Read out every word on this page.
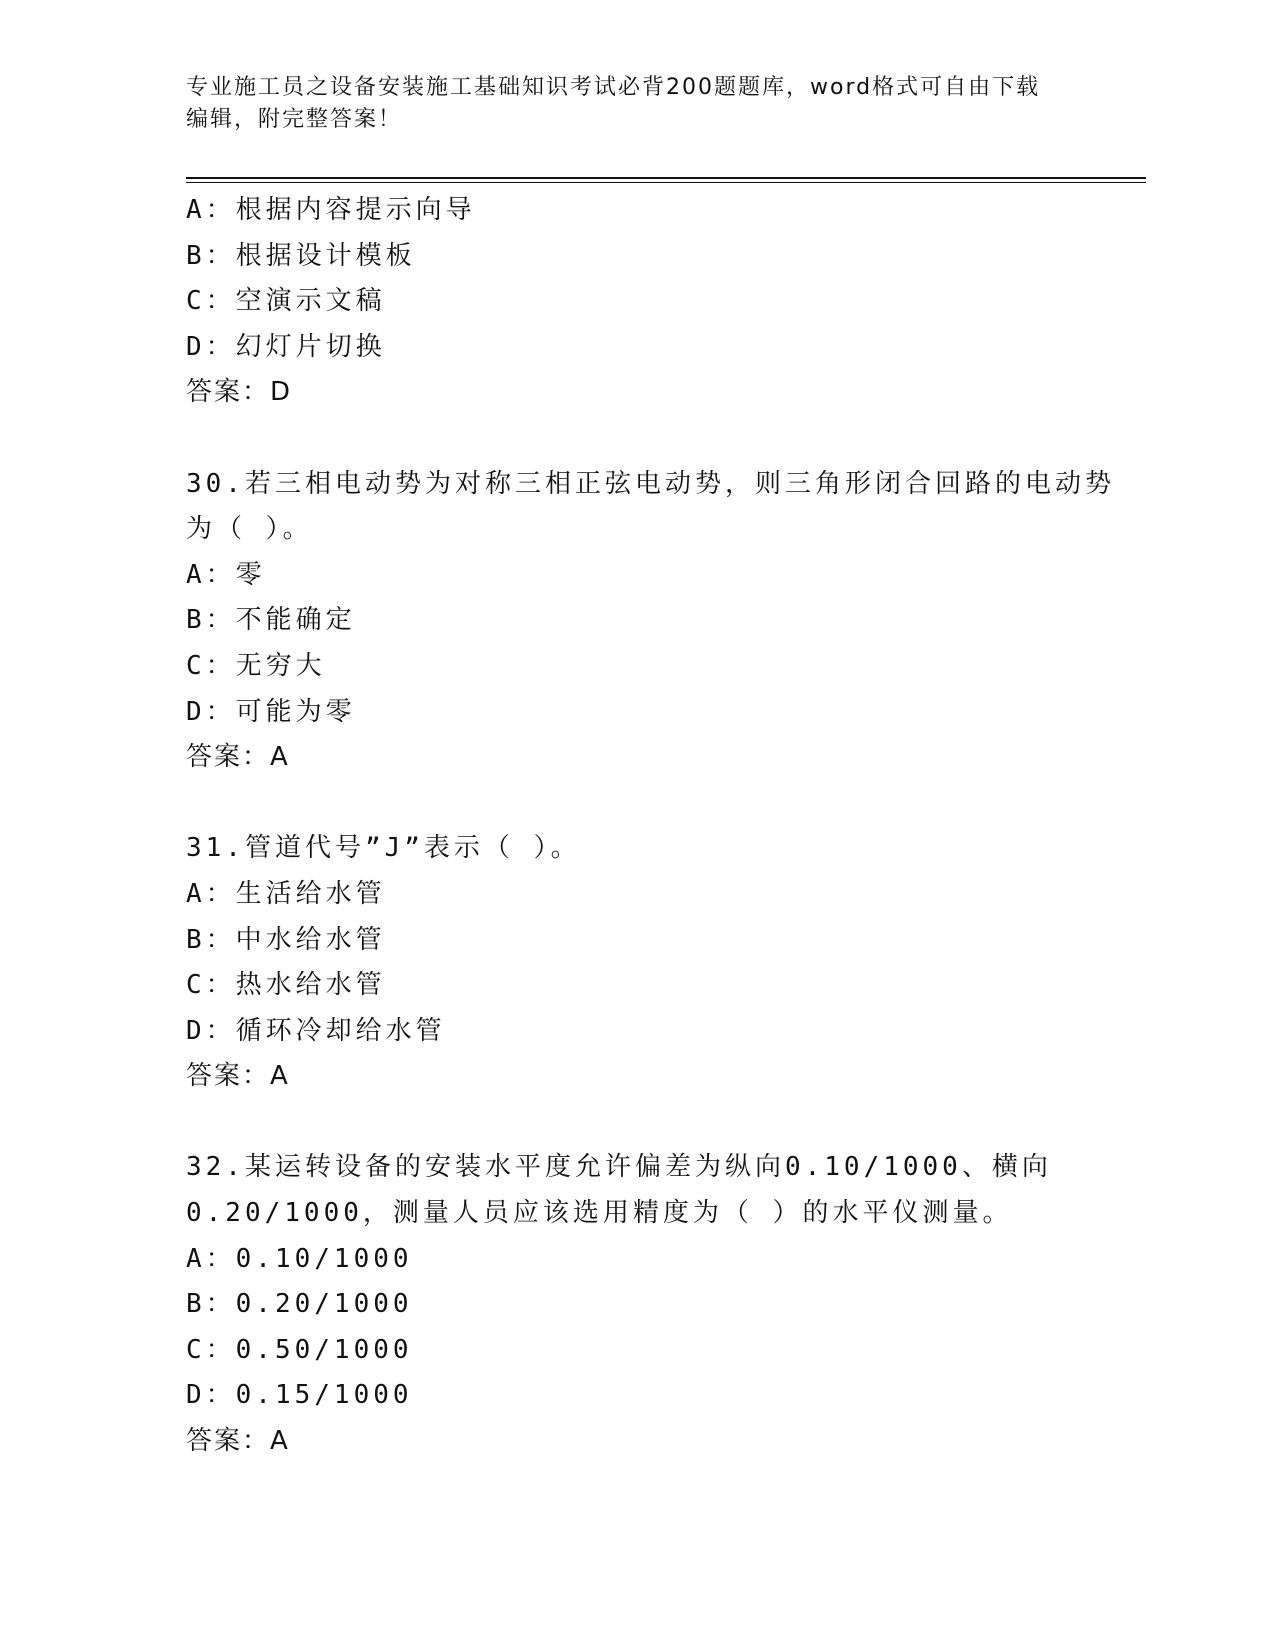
专业施工员之设备安装施工基础知识考试必背200题题库，word格式可自由下载
编辑，附完整答案！
A：根据内容提示向导
B：根据设计模板
C：空演示文稿
D：幻灯片切换
答案：D
30.若三相电动势为对称三相正弦电动势，则三角形闭合回路的电动势
为（ ）。
A：零
B：不能确定
C：无穷大
D：可能为零
答案：A
31.管道代号”J”表示（ ）。
A：生活给水管
B：中水给水管
C：热水给水管
D：循环冷却给水管
答案：A
32.某运转设备的安装水平度允许偏差为纵向0.10/1000、横向
0.20/1000，测量人员应该选用精度为（ ）的水平仪测量。
A：0.10/1000
B：0.20/1000
C：0.50/1000
D：0.15/1000
答案：A
